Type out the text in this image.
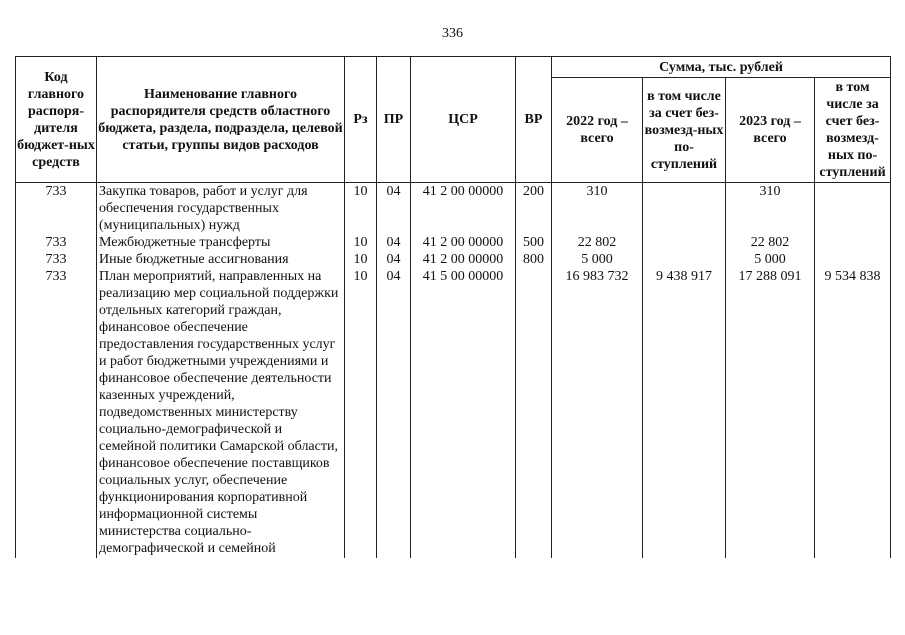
336
Код главного распоря-дителя бюджет-ных средств	Наименование главного распорядителя средств областного бюджета, раздела, подраздела, целевой статьи, группы видов расходов	Рз	ПР	ЦСР	ВР	Сумма, тыс. рублей			
						2022 год – всего	в том числе за счет без-возмезд-ных по-ступлений	2023 год – всего	в том числе за счет без-возмезд-ных по-ступлений
733	Закупка товаров, работ и услуг для обеспечения государственных (муниципальных) нужд	10	04	41 2 00 00000	200	310		310	
733	Межбюджетные трансферты	10	04	41 2 00 00000	500	22 802		22 802	
733	Иные бюджетные ассигнования	10	04	41 2 00 00000	800	5 000		5 000	
733	План мероприятий, направленных на реализацию мер социальной поддержки отдельных категорий граждан, финансовое обеспечение предоставления государственных услуг и работ бюджетными учреждениями и финансовое обеспечение деятельности казенных учреждений, подведомственных министерству социально-демографической и семейной политики Самарской области, финансовое обеспечение поставщиков социальных услуг, обеспечение функционирования корпоративной информационной системы министерства социально-демографической и семейной	10	04	41 5 00 00000		16 983 732	9 438 917	17 288 091	9 534 838
